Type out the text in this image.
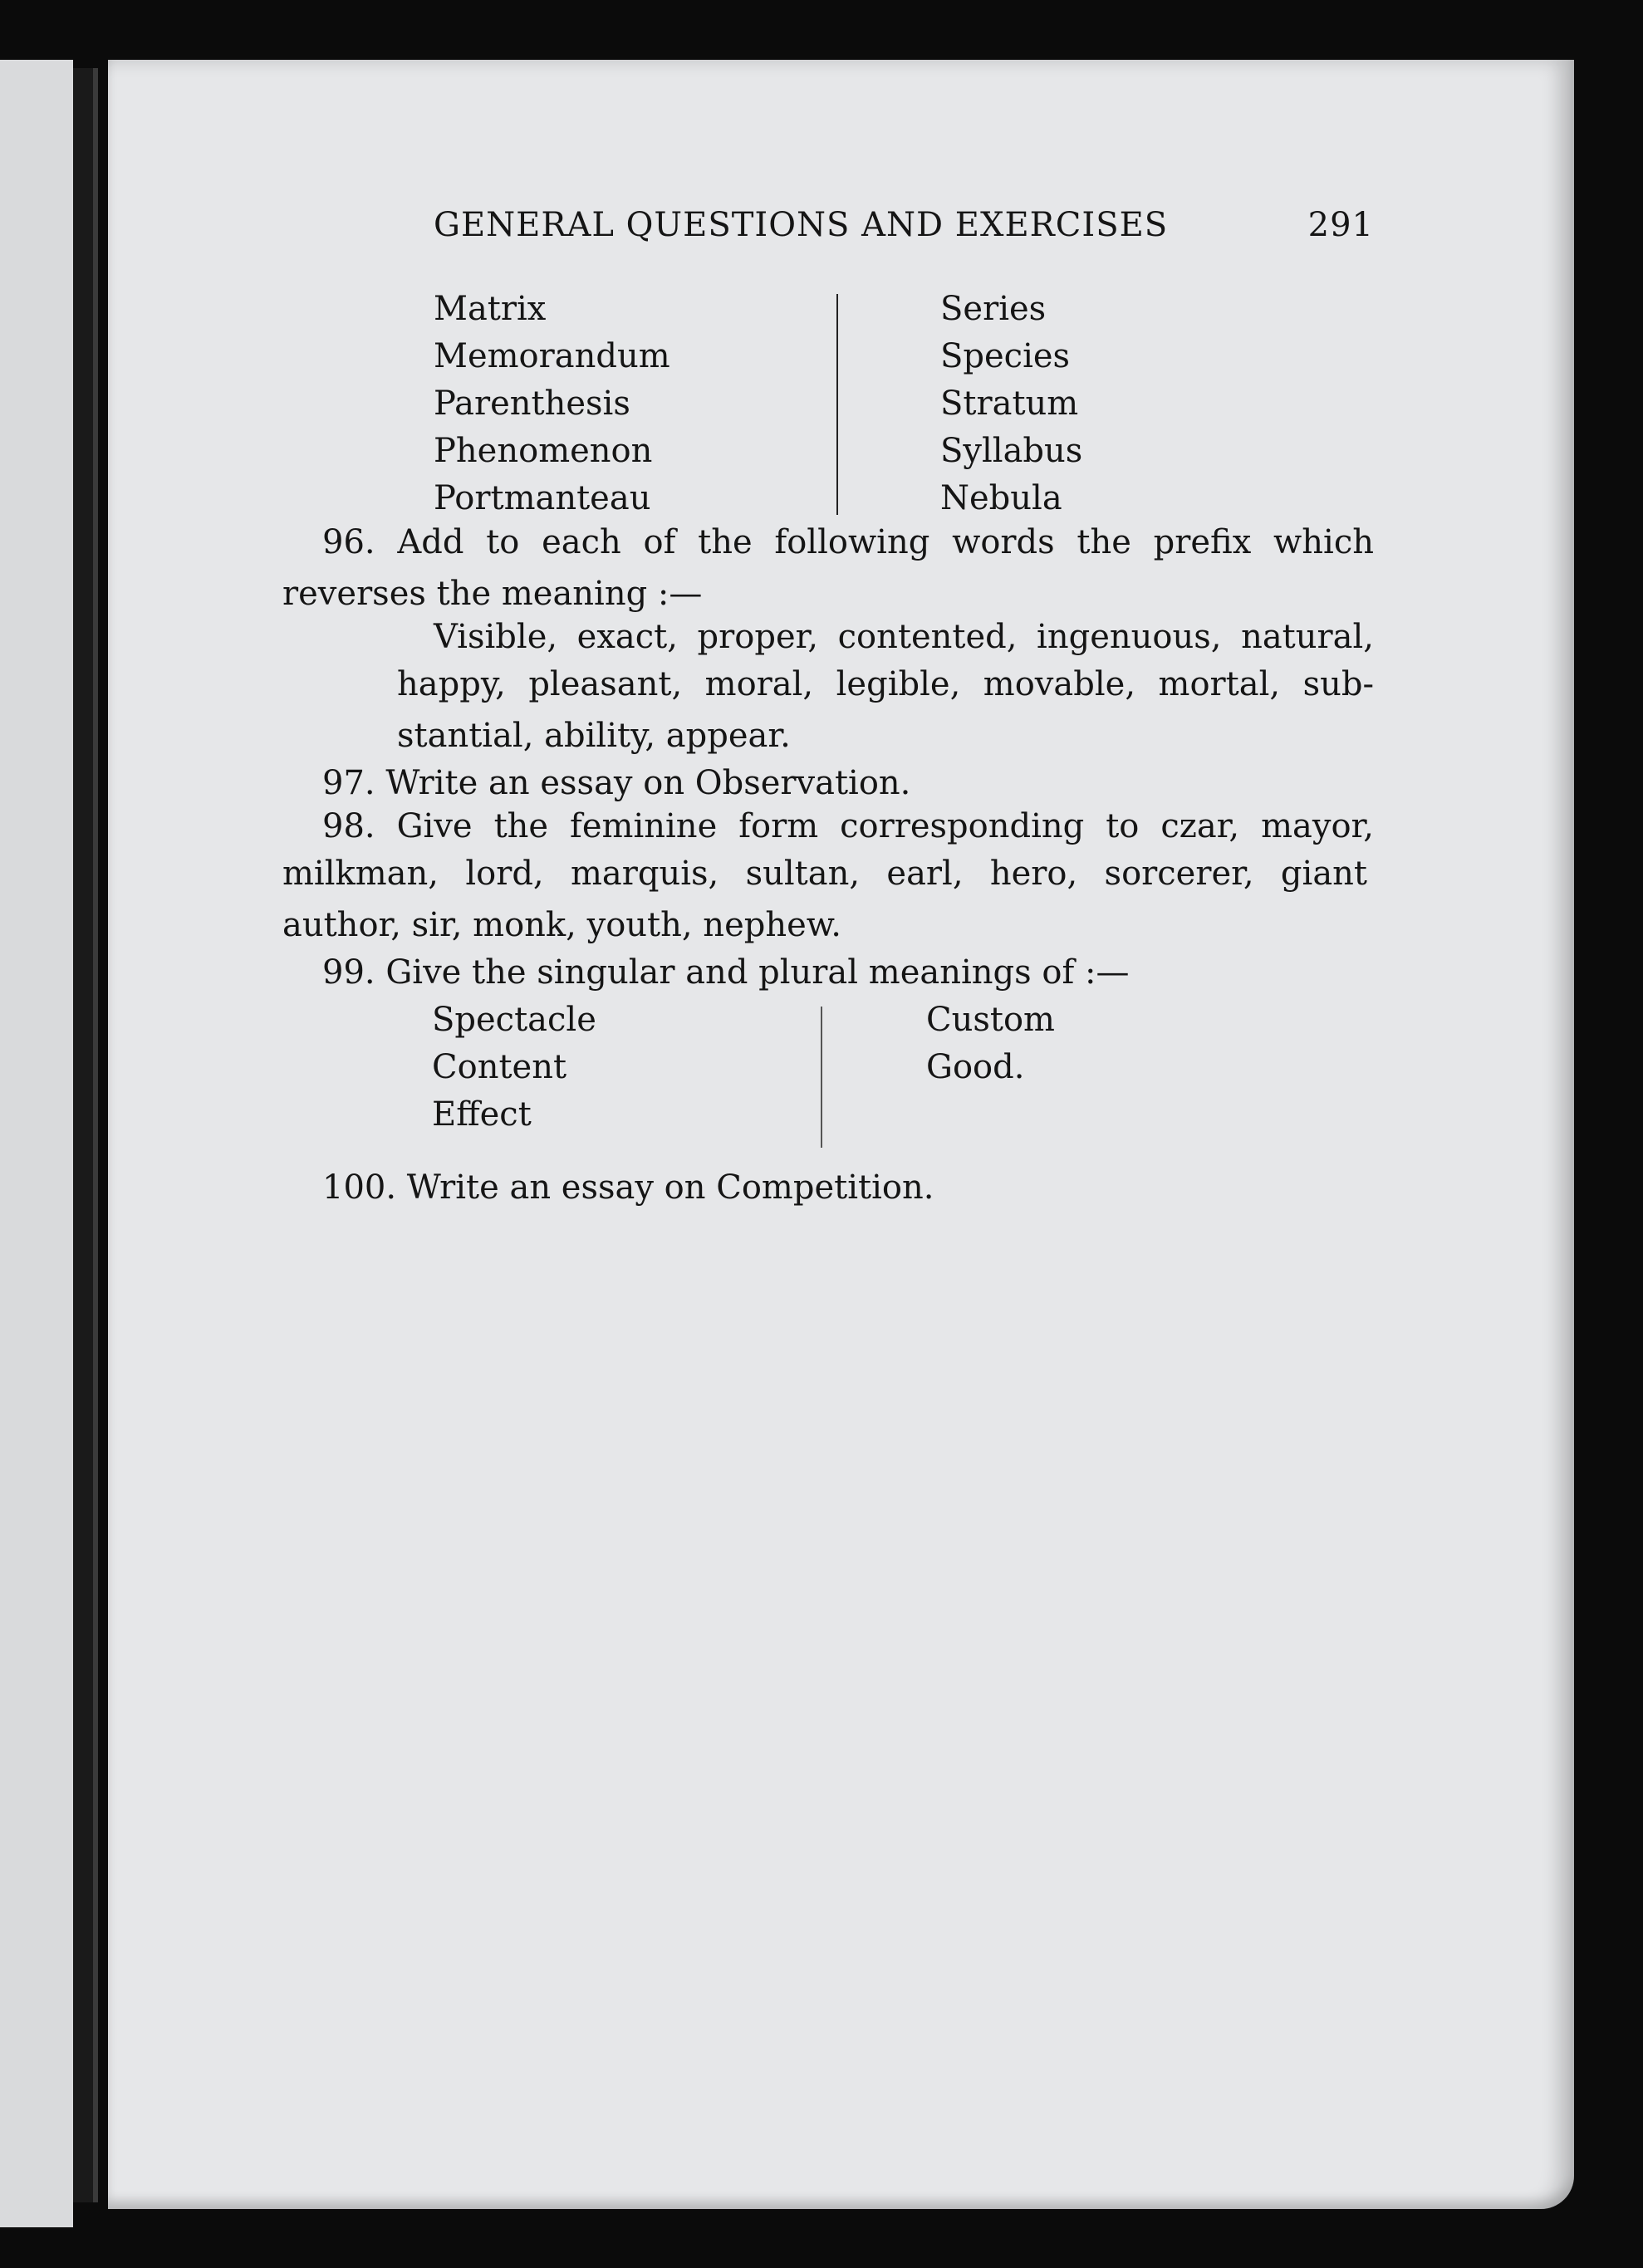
GENERAL QUESTIONS AND EXERCISES	291
Matrix
Memorandum
Parenthesis
Phenomenon
Portmanteau
Series
Species
Stratum
Syllabus
Nebula
96. Add to each of the following words the prefix which
reverses the meaning :—
Visible, exact, proper, contented, ingenuous, natural,
happy, pleasant, moral, legible, movable, mortal, sub-
stantial, ability, appear.
97. Write an essay on Observation.
98. Give the feminine form corresponding to czar, mayor,
milkman, lord, marquis, sultan, earl, hero, sorcerer, giant
author, sir, monk, youth, nephew.
99. Give the singular and plural meanings of :—
Spectacle
Content
Effect
Custom
Good.
100. Write an essay on Competition.
